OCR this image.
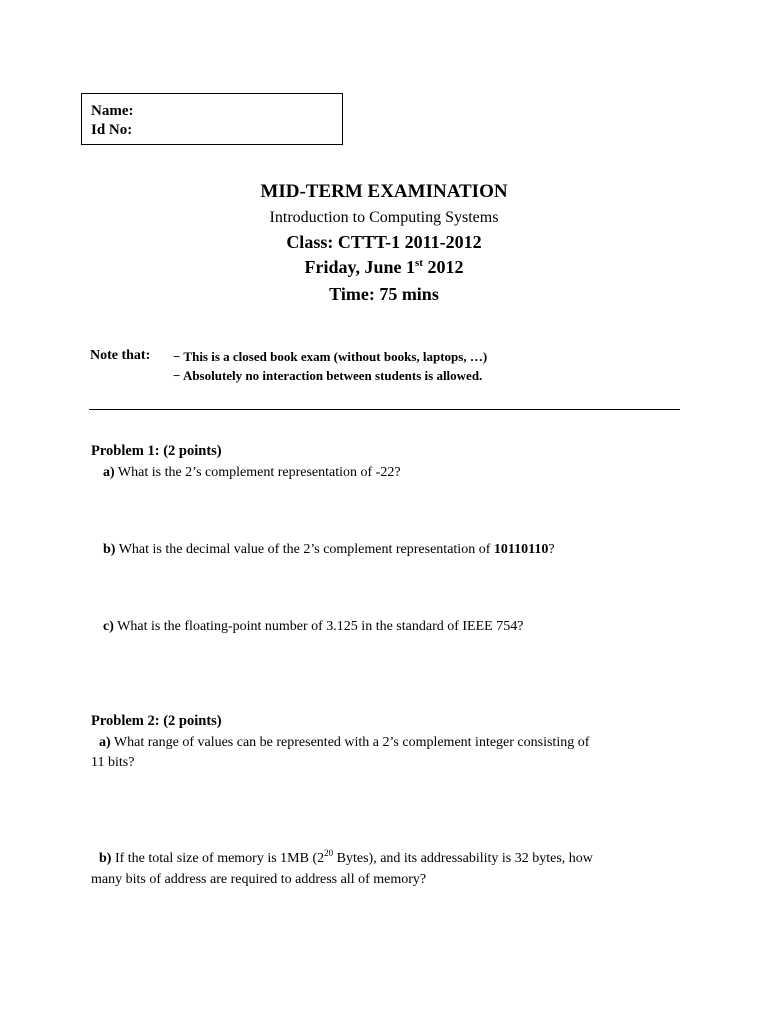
Name:
Id No:
MID-TERM EXAMINATION
Introduction to Computing Systems
Class: CTTT-1 2011-2012
Friday, June 1st 2012
Time: 75 mins
Note that: − This is a closed book exam (without books, laptops, …)
− Absolutely no interaction between students is allowed.
Problem 1: (2 points)
a) What is the 2’s complement representation of -22?
b) What is the decimal value of the 2’s complement representation of 10110110?
c) What is the floating-point number of 3.125 in the standard of IEEE 754?
Problem 2: (2 points)
a) What range of values can be represented with a 2’s complement integer consisting of
11 bits?
b) If the total size of memory is 1MB ($2^{20}$ Bytes), and its addressability is 32 bytes, how
many bits of address are required to address all of memory?
